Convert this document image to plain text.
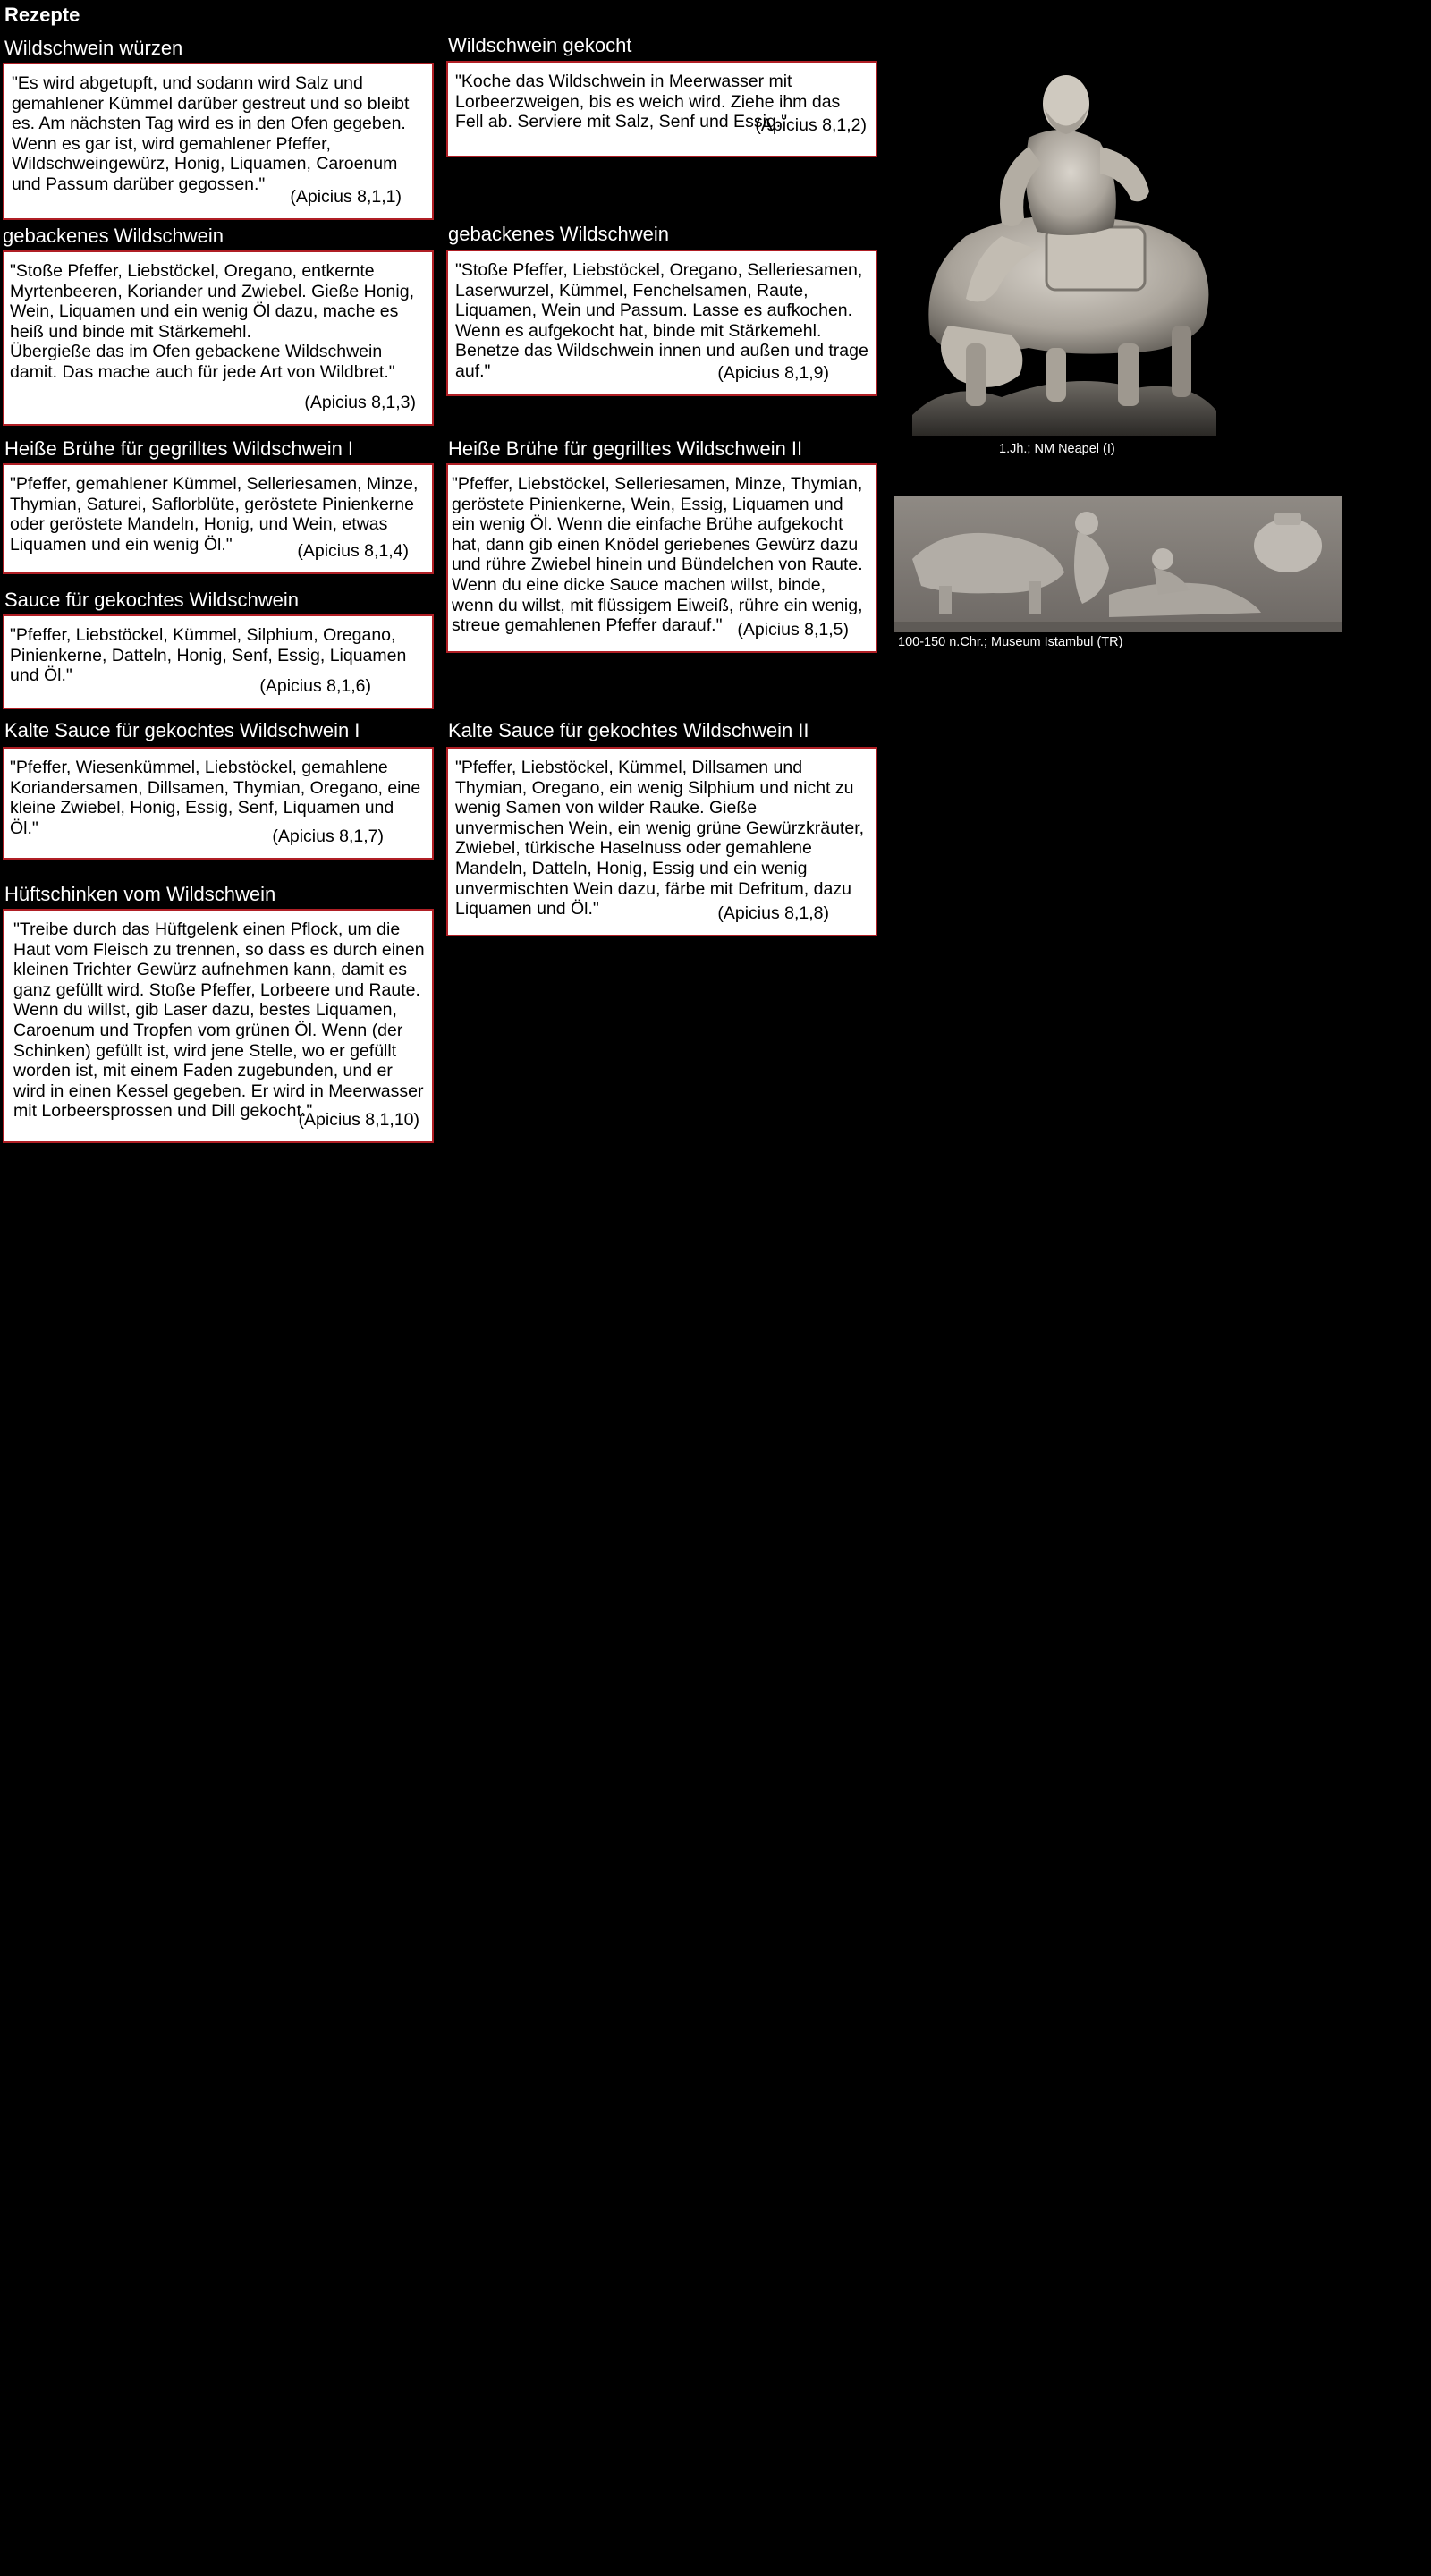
Rezepte
Wildschwein würzen
"Es wird abgetupft, und sodann wird Salz und gemahlener Kümmel darüber gestreut und so bleibt es. Am nächsten Tag wird es in den Ofen gegeben. Wenn es gar ist, wird gemahlener Pfeffer, Wildschweingewürz, Honig, Liquamen, Caroenum und Passum darüber gegossen."
(Apicius 8,1,1)
gebackenes Wildschwein
"Stoße Pfeffer, Liebstöckel, Oregano, entkernte Myrtenbeeren, Koriander und Zwiebel. Gieße Honig, Wein, Liquamen und ein wenig Öl dazu, mache es heiß und binde mit Stärkemehl.
Übergieße das im Ofen gebackene Wildschwein damit. Das mache auch für jede Art von Wildbret."
(Apicius 8,1,3)
Heiße Brühe für gegrilltes Wildschwein I
"Pfeffer, gemahlener Kümmel, Selleriesamen, Minze, Thymian, Saturei, Saflorblüte, geröstete Pinienkerne oder geröstete Mandeln, Honig, und Wein, etwas Liquamen und ein wenig Öl."	(Apicius 8,1,4)
Sauce für gekochtes Wildschwein
"Pfeffer, Liebstöckel, Kümmel, Silphium, Oregano, Pinienkerne, Datteln, Honig, Senf, Essig, Liquamen und Öl."
(Apicius 8,1,6)
Kalte Sauce für gekochtes Wildschwein I
"Pfeffer, Wiesenkümmel, Liebstöckel, gemahlene Koriandersamen, Dillsamen, Thymian, Oregano, eine kleine Zwiebel, Honig, Essig, Senf, Liquamen und Öl."	(Apicius 8,1,7)
Hüftschinken vom Wildschwein
"Treibe durch das Hüftgelenk einen Pflock, um die Haut vom Fleisch zu trennen, so dass es durch einen kleinen Trichter Gewürz aufnehmen kann, damit es ganz gefüllt wird. Stoße Pfeffer, Lorbeere und Raute. Wenn du willst, gib Laser dazu, bestes Liquamen, Caroenum und Tropfen vom grünen Öl. Wenn (der Schinken) gefüllt ist, wird jene Stelle, wo er gefüllt worden ist, mit einem Faden zugebunden, und er wird in einen Kessel gegeben. Er wird in Meerwasser mit Lorbeersprossen und Dill gekocht."
(Apicius 8,1,10)
Wildschwein gekocht
"Koche das Wildschwein in Meerwasser mit Lorbeerzweigen, bis es weich wird. Ziehe ihm das Fell ab. Serviere mit Salz, Senf und Essig."
(Apicius 8,1,2)
gebackenes Wildschwein
"Stoße Pfeffer, Liebstöckel, Oregano, Selleriesamen, Laserwurzel, Kümmel, Fenchelsamen, Raute, Liquamen, Wein und Passum. Lasse es aufkochen. Wenn es aufgekocht hat, binde mit Stärkemehl. Benetze das Wildschwein innen und außen und trage auf."	(Apicius 8,1,9)
Heiße Brühe für gegrilltes Wildschwein II
"Pfeffer, Liebstöckel, Selleriesamen, Minze, Thymian, geröstete Pinienkerne, Wein, Essig, Liquamen und ein wenig Öl. Wenn die einfache Brühe aufgekocht hat, dann gib einen Knödel geriebenes Gewürz dazu und rühre Zwiebel hinein und Bündelchen von Raute. Wenn du eine dicke Sauce machen willst, binde, wenn du willst, mit flüssigem Eiweiß, rühre ein wenig, streue gemahlenen Pfeffer darauf." (Apicius 8,1,5)
Kalte Sauce für gekochtes Wildschwein II
"Pfeffer, Liebstöckel, Kümmel, Dillsamen und Thymian, Oregano, ein wenig Silphium und nicht zu wenig Samen von wilder Rauke. Gieße unvermischen Wein, ein wenig grüne Gewürzkräuter, Zwiebel, türkische Haselnuss oder gemahlene Mandeln, Datteln, Honig, Essig und ein wenig unvermischten Wein dazu, färbe mit Defritum, dazu Liquamen und Öl."	(Apicius 8,1,8)
1.Jh.; NM Neapel (I)
100-150 n.Chr.; Museum Istambul (TR)
